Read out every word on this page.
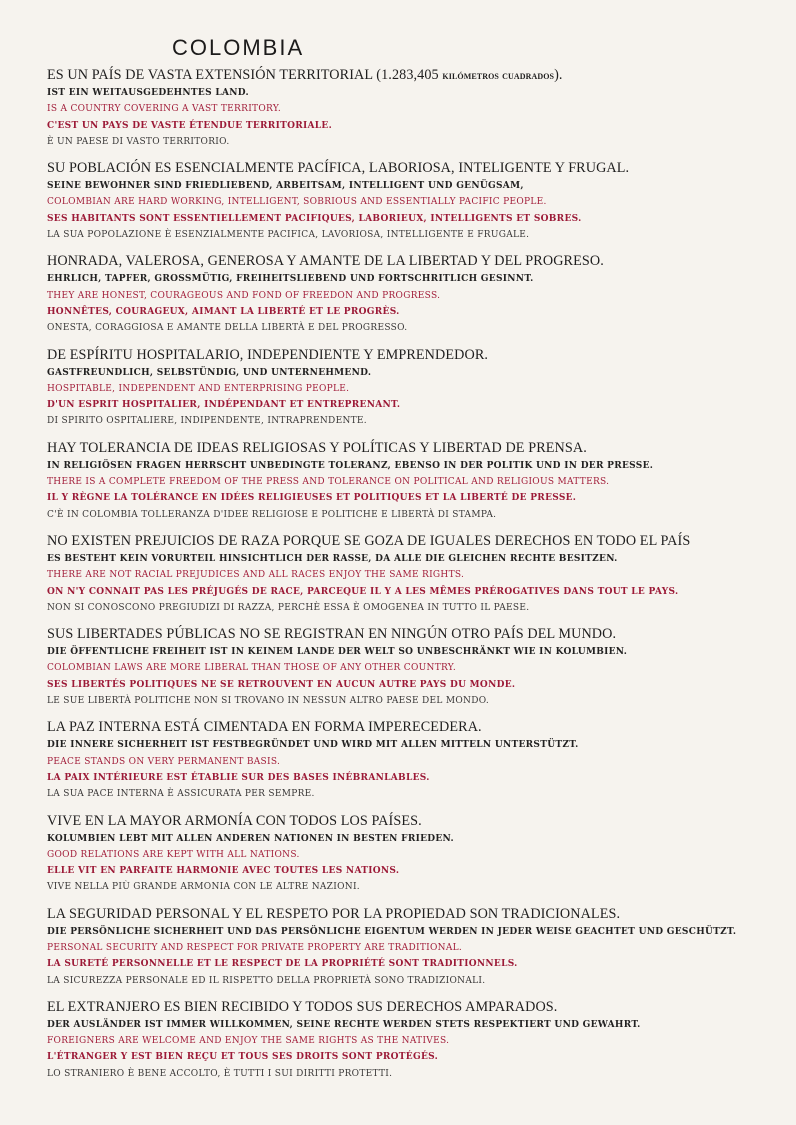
COLOMBIA
ES UN PAÍS DE VASTA EXTENSIÓN TERRITORIAL (1.283,405 kilómetros cuadrados).
IST EIN WEITAUSGEDEHNTES LAND.
IS A COUNTRY COVERING A VAST TERRITORY.
C'EST UN PAYS DE VASTE ÉTENDUE TERRITORIALE.
È UN PAESE DI VASTO TERRITORIO.
SU POBLACIÓN ES ESENCIALMENTE PACÍFICA, LABORIOSA, INTELIGENTE Y FRUGAL.
SEINE BEWOHNER SIND FRIEDLIEBEND, ARBEITSAM, INTELLIGENT UND GENÜGSAM,
COLOMBIAN ARE HARD WORKING, INTELLIGENT, SOBRIOUS AND ESSENTIALLY PACIFIC PEOPLE.
SES HABITANTS SONT ESSENTIELLEMENT PACIFIQUES, LABORIEUX, INTELLIGENTS ET SOBRES.
LA SUA POPOLAZIONE È ESENZIALMENTE PACIFICA, LAVORIOSA, INTELLIGENTE E FRUGALE.
HONRADA, VALEROSA, GENEROSA Y AMANTE DE LA LIBERTAD Y DEL PROGRESO.
EHRLICH, TAPFER, GROSSMÜTIG, FREIHEITSLIEBEND UND FORTSCHRITLICH GESINNT.
THEY ARE HONEST, COURAGEOUS AND FOND OF FREEDON AND PROGRESS.
HONNÊTES, COURAGEUX, AIMANT LA LIBERTÉ ET LE PROGRÈS.
ONESTA, CORAGGIOSA E AMANTE DELLA LIBERTÀ E DEL PROGRESSO.
DE ESPÍRITU HOSPITALARIO, INDEPENDIENTE Y EMPRENDEDOR.
GASTFREUNDLICH, SELBSTÜNDIG, UND UNTERNEHMEND.
HOSPITABLE, INDEPENDENT AND ENTERPRISING PEOPLE.
D'UN ESPRIT HOSPITALIER, INDÉPENDANT ET ENTREPRENANT.
DI SPIRITO OSPITALIERE, INDIPENDENTE, INTRAPRENDENTE.
HAY TOLERANCIA DE IDEAS RELIGIOSAS Y POLÍTICAS Y LIBERTAD DE PRENSA.
IN RELIGIÖSEN FRAGEN HERRSCHT UNBEDINGTE TOLERANZ, EBENSO IN DER POLITIK UND IN DER PRESSE.
THERE IS A COMPLETE FREEDOM OF THE PRESS AND TOLERANCE ON POLITICAL AND RELIGIOUS MATTERS.
IL Y RÈGNE LA TOLÉRANCE EN IDÉES RELIGIEUSES ET POLITIQUES ET LA LIBERTÉ DE PRESSE.
C'È IN COLOMBIA TOLLERANZA D'IDEE RELIGIOSE E POLITICHE E LIBERTÀ DI STAMPA.
NO EXISTEN PREJUICIOS DE RAZA PORQUE SE GOZA DE IGUALES DERECHOS EN TODO EL PAÍS
ES BESTEHT KEIN VORURTEIL HINSICHTLICH DER RASSE, DA ALLE DIE GLEICHEN RECHTE BESITZEN.
THERE ARE NOT RACIAL PREJUDICES AND ALL RACES ENJOY THE SAME RIGHTS.
ON N'Y CONNAIT PAS LES PRÉJUGÉS DE RACE, PARCEQUE IL Y A LES MÊMES PRÉROGATIVES DANS TOUT LE PAYS.
NON SI CONOSCONO PREGIUDIZI DI RAZZA, PERCHÈ ESSA È OMOGENEA IN TUTTO IL PAESE.
SUS LIBERTADES PÚBLICAS NO SE REGISTRAN EN NINGÚN OTRO PAÍS DEL MUNDO.
DIE ÖFFENTLICHE FREIHEIT IST IN KEINEM LANDE DER WELT SO UNBESCHRÄNKT WIE IN KOLUMBIEN.
COLOMBIAN LAWS ARE MORE LIBERAL THAN THOSE OF ANY OTHER COUNTRY.
SES LIBERTÉS POLITIQUES NE SE RETROUVENT EN AUCUN AUTRE PAYS DU MONDE.
LE SUE LIBERTÀ POLITICHE NON SI TROVANO IN NESSUN ALTRO PAESE DEL MONDO.
LA PAZ INTERNA ESTÁ CIMENTADA EN FORMA IMPERECEDERA.
DIE INNERE SICHERHEIT IST FESTBEGRÜNDET UND WIRD MIT ALLEN MITTELN UNTERSTÜTZT.
PEACE STANDS ON VERY PERMANENT BASIS.
LA PAIX INTÉRIEURE EST ÉTABLIE SUR DES BASES INÉBRANLABLES.
LA SUA PACE INTERNA È ASSICURATA PER SEMPRE.
VIVE EN LA MAYOR ARMONÍA CON TODOS LOS PAÍSES.
KOLUMBIEN LEBT MIT ALLEN ANDEREN NATIONEN IN BESTEN FRIEDEN.
GOOD RELATIONS ARE KEPT WITH ALL NATIONS.
ELLE VIT EN PARFAITE HARMONIE AVEC TOUTES LES NATIONS.
VIVE NELLA PIÙ GRANDE ARMONIA CON LE ALTRE NAZIONI.
LA SEGURIDAD PERSONAL Y EL RESPETO POR LA PROPIEDAD SON TRADICIONALES.
DIE PERSÖNLICHE SICHERHEIT UND DAS PERSÖNLICHE EIGENTUM WERDEN IN JEDER WEISE GEACHTET UND GESCHÜTZT.
PERSONAL SECURITY AND RESPECT FOR PRIVATE PROPERTY ARE TRADITIONAL.
LA SURETÉ PERSONNELLE ET LE RESPECT DE LA PROPRIÉTÉ SONT TRADITIONNELS.
LA SICUREZZA PERSONALE ED IL RISPETTO DELLA PROPRIETÀ SONO TRADIZIONALI.
EL EXTRANJERO ES BIEN RECIBIDO Y TODOS SUS DERECHOS AMPARADOS.
DER AUSLÄNDER IST IMMER WILLKOMMEN, SEINE RECHTE WERDEN STETS RESPEKTIERT UND GEWAHRT.
FOREIGNERS ARE WELCOME AND ENJOY THE SAME RIGHTS AS THE NATIVES.
L'ÉTRANGER Y EST BIEN REÇU ET TOUS SES DROITS SONT PROTÉGÉS.
LO STRANIERO È BENE ACCOLTO, È TUTTI I SUI DIRITTI PROTETTI.
